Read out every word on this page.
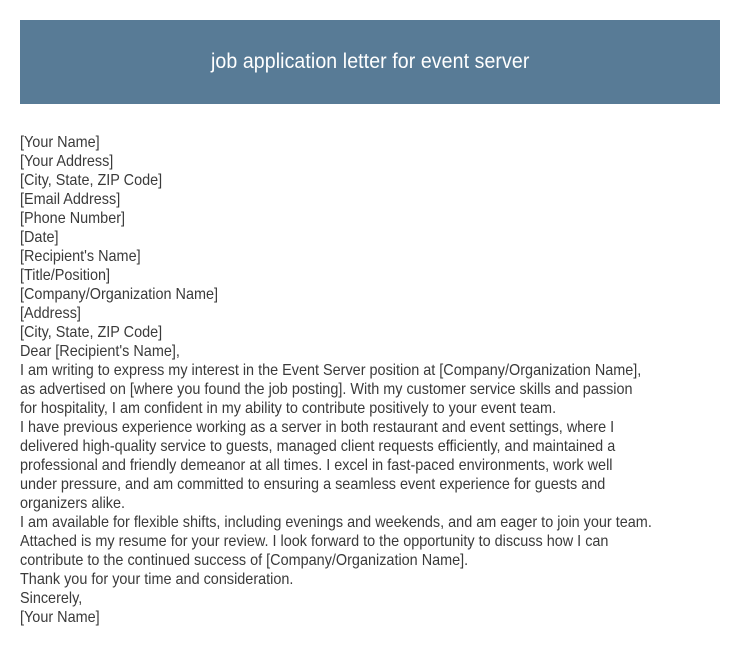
job application letter for event server

[Your Name]

[Your Address]

[City, State, ZIP Code]

[Email Address]

[Phone Number]

[Date]

[Recipient's Name]

[Title/Position]

[Company/Organization Name]

[Address]

[City, State, ZIP Code]

Dear [Recipient's Name],

I am writing to express my interest in the Event Server position at [Company/Organization Name],

as advertised on [where you found the job posting]. With my customer service skills and passion

for hospitality, I am confident in my ability to contribute positively to your event team.

I have previous experience working as a server in both restaurant and event settings, where I

delivered high-quality service to guests, managed client requests efficiently, and maintained a

professional and friendly demeanor at all times. I excel in fast-paced environments, work well

under pressure, and am committed to ensuring a seamless event experience for guests and

organizers alike.

I am available for flexible shifts, including evenings and weekends, and am eager to join your team.

Attached is my resume for your review. I look forward to the opportunity to discuss how I can

contribute to the continued success of [Company/Organization Name].

Thank you for your time and consideration.

Sincerely,

[Your Name]
